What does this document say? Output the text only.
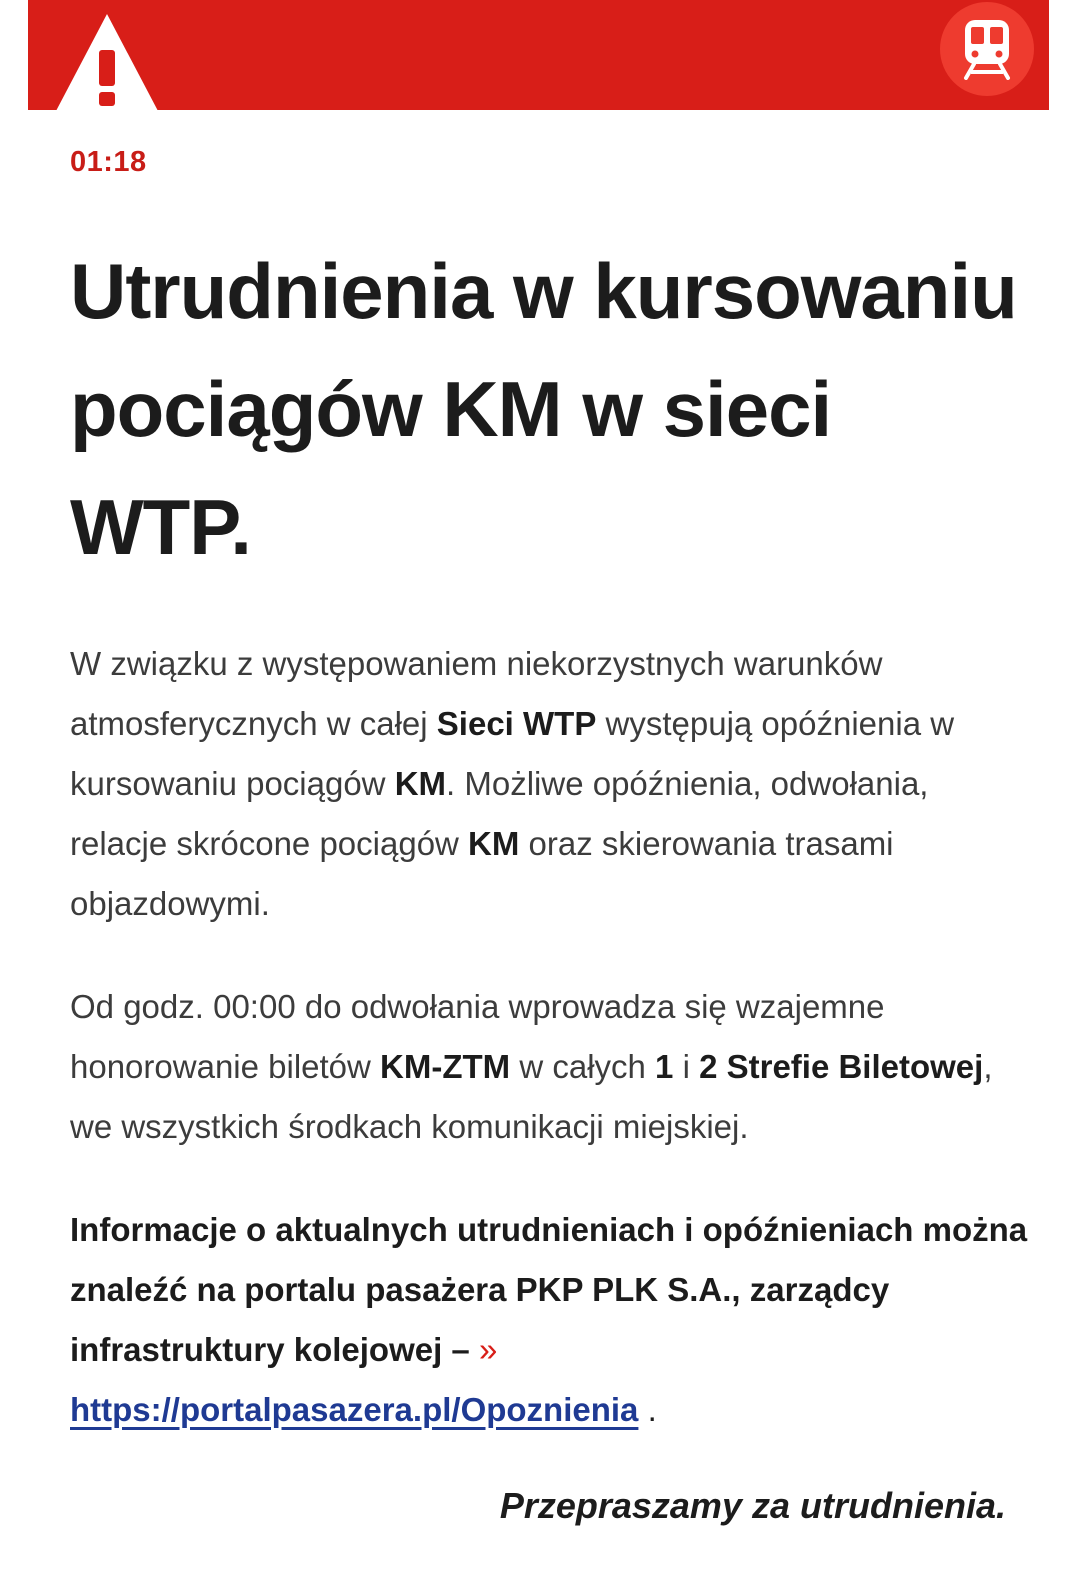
01:18
Utrudnienia w kursowaniu pociągów KM w sieci WTP.

W związku z występowaniem niekorzystnych warunków atmosferycznych w całej Sieci WTP występują opóźnienia w kursowaniu pociągów KM. Możliwe opóźnienia, odwołania, relacje skrócone pociągów KM oraz skierowania trasami objazdowymi.

Od godz. 00:00 do odwołania wprowadza się wzajemne honorowanie biletów KM-ZTM w całych 1 i 2 Strefie Biletowej, we wszystkich środkach komunikacji miejskiej.

Informacje o aktualnych utrudnieniach i opóźnieniach można znaleźć na portalu pasażera PKP PLK S.A., zarządcy infrastruktury kolejowej – »
https://portalpasazera.pl/Opoznienia .

Przepraszamy za utrudnienia.
